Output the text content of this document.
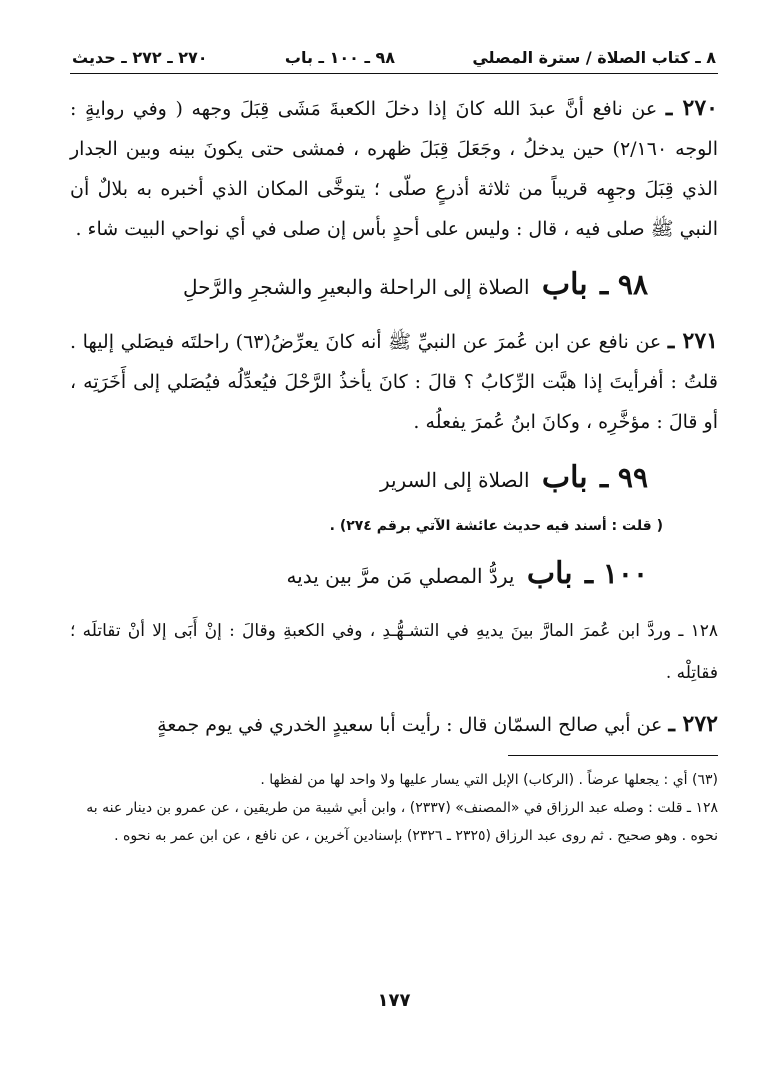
٨ ـ كتاب الصلاة / سترة المصلي
٩٨ ـ ١٠٠ ـ باب
٢٧٠ ـ ٢٧٢ ـ حديث

٢٧٠ ـ عن نافع أنَّ عبدَ الله كانَ إذا دخلَ الكعبةَ مَشَى قِبَلَ وجهه ( وفي روايةٍ : الوجه ٢/١٦٠) حين يدخلُ ، وجَعَلَ قِبَلَ ظهره ، فمشى حتى يكونَ بينه وبين الجدار الذي قِبَلَ وجهِه قريباً من ثلاثة أذرعٍ صلّى ؛ يتوخَّى المكان الذي أخبره به بلالٌ أن النبي ﷺ صلى فيه ، قال : وليس على أحدٍ بأس إن صلى في أي نواحي البيت شاء .

٩٨ ـ باب الصلاة إلى الراحلة والبعيرِ والشجرِ والرَّحلِ

٢٧١ ـ عن نافع عن ابن عُمرَ عن النبيِّ ﷺ أنه كانَ يعرِّضُ(٦٣) راحلتَه فيصَلي إليها . قلتُ : أفرأيتَ إذا هبَّت الرِّكابُ ؟ قالَ : كانَ يأخذُ الرَّحْلَ فيُعدِّلُه فيُصَلي إلى أَخَرَتِه ، أو قالَ : مؤخَّرِه ، وكانَ ابنُ عُمرَ يفعلُه .

٩٩ ـ باب الصلاة إلى السرير
( قلت : أسند فيه حديث عائشة الآتي برقم ٢٧٤) .
١٠٠ ـ باب يردُّ المصلي مَن مرَّ بين يديه

١٢٨ ـ وردَّ ابن عُمرَ المارَّ بينَ يديهِ في التشـهُّـدِ ، وفي الكعبةِ وقالَ : إنْ أَبَى إلا أنْ تقاتلَه ؛ فقاتِلْه .

٢٧٢ ـ عن أبي صالح السمّان قال : رأيت أبا سعيدٍ الخدري في يوم جمعةٍ

(٦٣) أي : يجعلها عرضاً . (الركاب) الإبل التي يسار عليها ولا واحد لها من لفظها .

١٢٨ ـ قلت : وصله عبد الرزاق في «المصنف» (٢٣٣٧) ، وابن أبي شيبة من طريقين ، عن عمرو بن دينار عنه به نحوه . وهو صحيح . ثم روى عبد الرزاق (٢٣٢٥ ـ ٢٣٢٦) بإسنادين آخرين ، عن نافع ، عن ابن عمر به نحوه .

١٧٧
